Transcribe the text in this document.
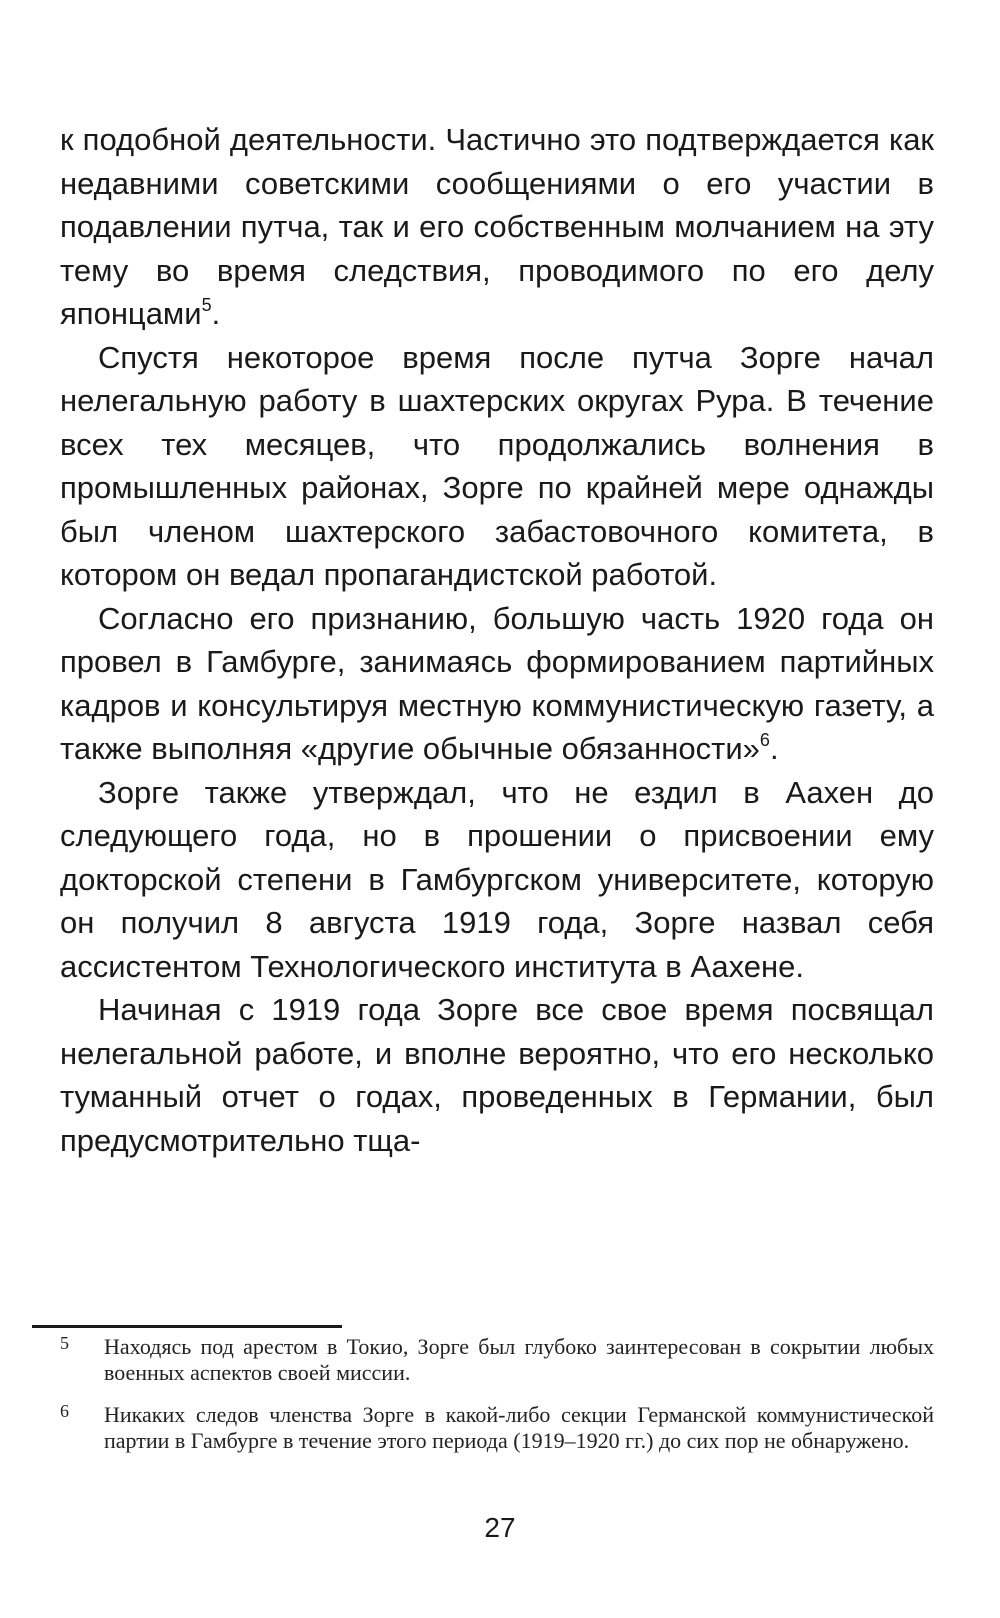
к подобной деятельности. Частично это подтверждается как недавними советскими сообщениями о его участии в подавлении путча, так и его собственным молчанием на эту тему во время следствия, проводимого по его делу японцами$^5$.

Спустя некоторое время после путча Зорге начал нелегальную работу в шахтерских округах Рура. В течение всех тех месяцев, что продолжались волнения в промышленных районах, Зорге по крайней мере однажды был членом шахтерского забастовочного комитета, в котором он ведал пропагандистской работой.

Согласно его признанию, большую часть 1920 года он провел в Гамбурге, занимаясь формированием партийных кадров и консультируя местную коммунистическую газету, а также выполняя «другие обычные обязанности»$^6$.

Зорге также утверждал, что не ездил в Аахен до следующего года, но в прошении о присвоении ему докторской степени в Гамбургском университете, которую он получил 8 августа 1919 года, Зорге назвал себя ассистентом Технологического института в Аахене.

Начиная с 1919 года Зорге все свое время посвящал нелегальной работе, и вполне вероятно, что его несколько туманный отчет о годах, проведенных в Германии, был предусмотрительно тща-

5 Находясь под арестом в Токио, Зорге был глубоко заинтересован в сокрытии любых военных аспектов своей миссии.
6 Никаких следов членства Зорге в какой-либо секции Германской коммунистической партии в Гамбурге в течение этого периода (1919–1920 гг.) до сих пор не обнаружено.
27
